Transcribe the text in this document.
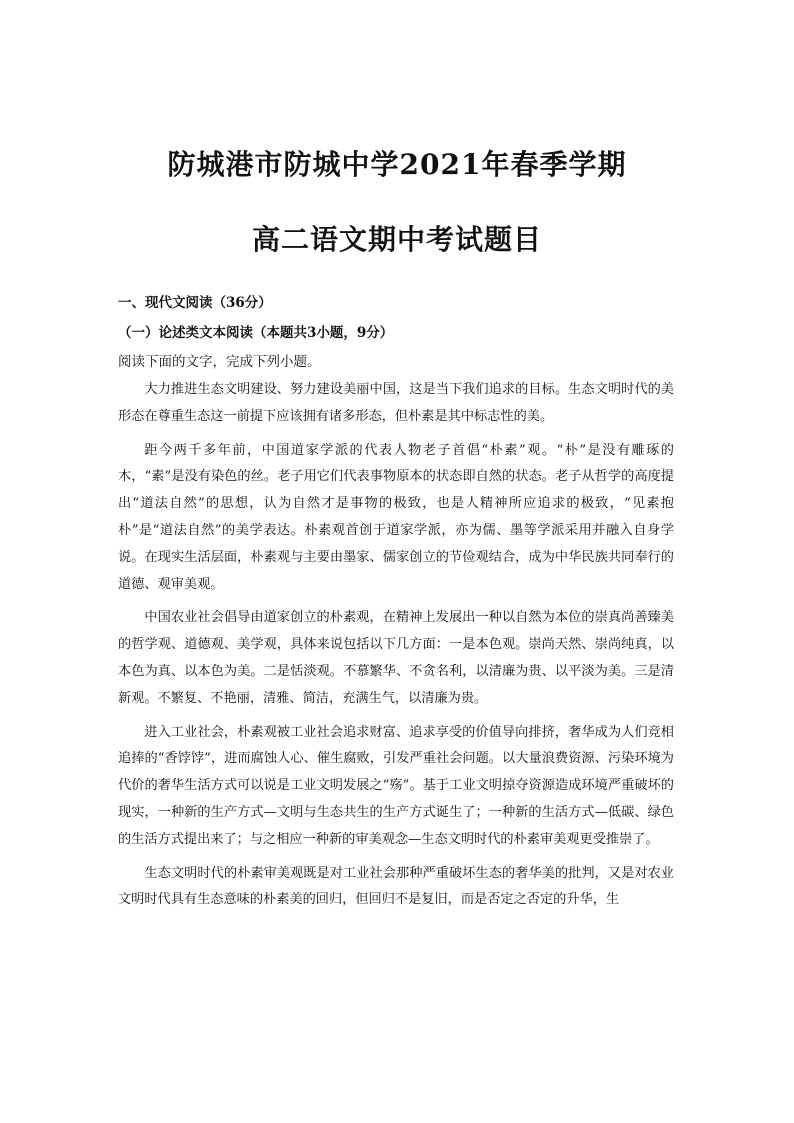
防城港市防城中学2021年春季学期
高二语文期中考试题目

一、现代文阅读（36分）

（一）论述类文本阅读（本题共3小题，9分）

阅读下面的文字，完成下列小题。

大力推进生态文明建设、努力建设美丽中国，这是当下我们追求的目标。生态文明时代的美形态在尊重生态这一前提下应该拥有诸多形态，但朴素是其中标志性的美。

距今两千多年前，中国道家学派的代表人物老子首倡“朴素”观。“朴”是没有雕琢的木，“素”是没有染色的丝。老子用它们代表事物原本的状态即自然的状态。老子从哲学的高度提出“道法自然”的思想，认为自然才是事物的极致，也是人精神所应追求的极致，“见素抱朴”是“道法自然”的美学表达。朴素观首创于道家学派，亦为儒、墨等学派采用并融入自身学说。在现实生活层面，朴素观与主要由墨家、儒家创立的节俭观结合，成为中华民族共同奉行的道德、观审美观。

中国农业社会倡导由道家创立的朴素观，在精神上发展出一种以自然为本位的崇真尚善臻美的哲学观、道德观、美学观，具体来说包括以下几方面：一是本色观。崇尚天然、崇尚纯真，以本色为真、以本色为美。二是恬淡观。不慕繁华、不贪名利，以清廉为贵、以平淡为美。三是清新观。不繁复、不艳丽，清雅、简洁，充满生气，以清廉为贵。

进入工业社会，朴素观被工业社会追求财富、追求享受的价值导向排挤，奢华成为人们竞相追捧的“香饽饽”，进而腐蚀人心、催生腐败，引发严重社会问题。以大量浪费资源、污染环境为代价的奢华生活方式可以说是工业文明发展之“殇”。基于工业文明掠夺资源造成环境严重破坏的现实，一种新的生产方式—文明与生态共生的生产方式诞生了；一种新的生活方式—低碳、绿色的生活方式提出来了；与之相应一种新的审美观念—生态文明时代的朴素审美观更受推崇了。

生态文明时代的朴素审美观既是对工业社会那种严重破坏生态的奢华美的批判，又是对农业文明时代具有生态意味的朴素美的回归，但回归不是复旧，而是否定之否定的升华，生
